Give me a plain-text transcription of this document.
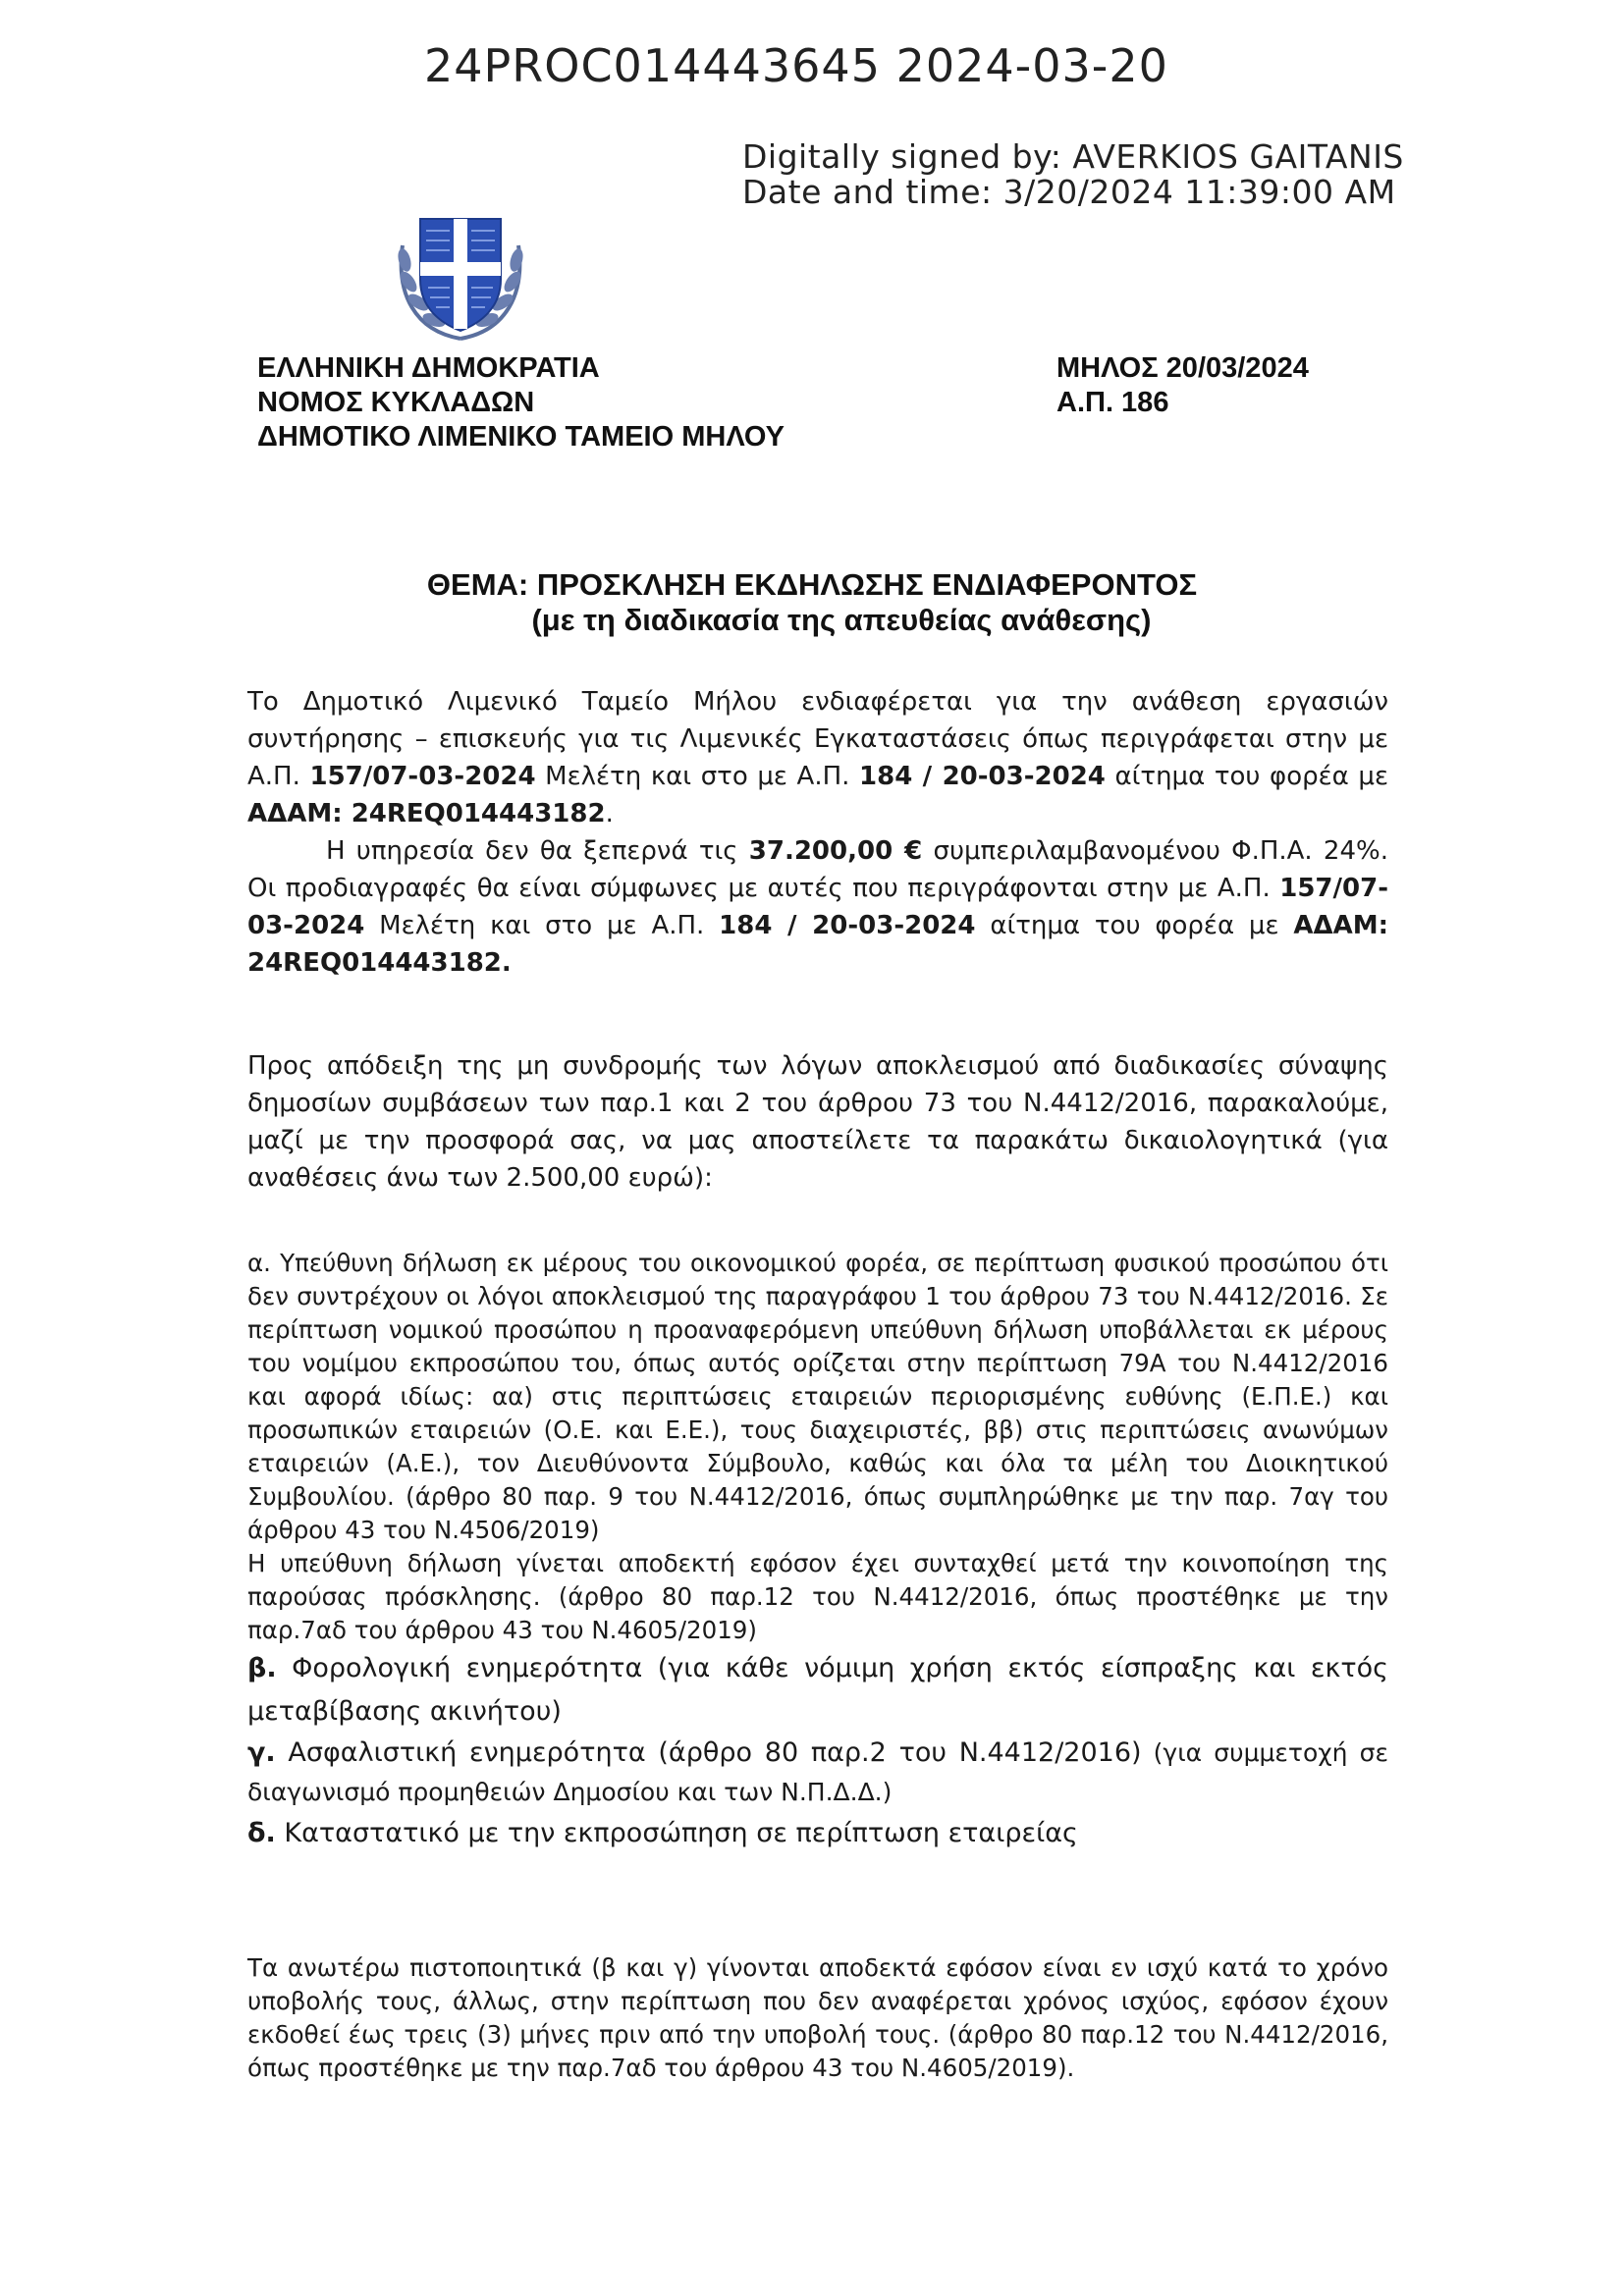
24PROC014443645 2024-03-20
Digitally signed by: AVERKIOS GAITANIS
Date and time: 3/20/2024 11:39:00 AM
ΕΛΛΗΝΙΚΗ ΔΗΜΟΚΡΑΤΙΑ
ΝΟΜΟΣ ΚΥΚΛΑΔΩΝ
ΔΗΜΟΤΙΚΟ ΛΙΜΕΝΙΚΟ ΤΑΜΕΙΟ ΜΗΛΟΥ
ΜΗΛΟΣ 20/03/2024
Α.Π. 186
ΘΕΜΑ: ΠΡΟΣΚΛΗΣΗ ΕΚΔΗΛΩΣΗΣ ΕΝΔΙΑΦΕΡΟΝΤΟΣ
(με τη διαδικασία της απευθείας ανάθεσης)

Το Δημοτικό Λιμενικό Ταμείο Μήλου ενδιαφέρεται για την ανάθεση εργασιών συντήρησης – επισκευής για τις Λιμενικές Εγκαταστάσεις όπως περιγράφεται στην με Α.Π. 157/07-03-2024 Μελέτη και στο με Α.Π. 184 / 20-03-2024 αίτημα του φορέα με ΑΔΑΜ: 24REQ014443182.

Η υπηρεσία δεν θα ξεπερνά τις 37.200,00 € συμπεριλαμβανομένου Φ.Π.Α. 24%. Οι προδιαγραφές θα είναι σύμφωνες με αυτές που περιγράφονται στην με Α.Π. 157/07-03-2024 Μελέτη και στο με Α.Π. 184 / 20-03-2024 αίτημα του φορέα με ΑΔΑΜ: 24REQ014443182.

Προς απόδειξη της μη συνδρομής των λόγων αποκλεισμού από διαδικασίες σύναψης δημοσίων συμβάσεων των παρ.1 και 2 του άρθρου 73 του Ν.4412/2016, παρακαλούμε, μαζί με την προσφορά σας, να μας αποστείλετε τα παρακάτω δικαιολογητικά (για αναθέσεις άνω των 2.500,00 ευρώ):

α. Υπεύθυνη δήλωση εκ μέρους του οικονομικού φορέα, σε περίπτωση φυσικού προσώπου ότι δεν συντρέχουν οι λόγοι αποκλεισμού της παραγράφου 1 του άρθρου 73 του Ν.4412/2016. Σε περίπτωση νομικού προσώπου η προαναφερόμενη υπεύθυνη δήλωση υποβάλλεται εκ μέρους του νομίμου εκπροσώπου του, όπως αυτός ορίζεται στην περίπτωση 79Α του Ν.4412/2016 και αφορά ιδίως: αα) στις περιπτώσεις εταιρειών περιορισμένης ευθύνης (Ε.Π.Ε.) και προσωπικών εταιρειών (Ο.Ε. και Ε.Ε.), τους διαχειριστές, ββ) στις περιπτώσεις ανωνύμων εταιρειών (Α.Ε.), τον Διευθύνοντα Σύμβουλο, καθώς και όλα τα μέλη του Διοικητικού Συμβουλίου. (άρθρο 80 παρ. 9 του Ν.4412/2016, όπως συμπληρώθηκε με την παρ. 7αγ του άρθρου 43 του Ν.4506/2019)

Η υπεύθυνη δήλωση γίνεται αποδεκτή εφόσον έχει συνταχθεί μετά την κοινοποίηση της παρούσας πρόσκλησης. (άρθρο 80 παρ.12 του Ν.4412/2016, όπως προστέθηκε με την παρ.7αδ του άρθρου 43 του Ν.4605/2019)

β. Φορολογική ενημερότητα (για κάθε νόμιμη χρήση εκτός είσπραξης και εκτός μεταβίβασης ακινήτου)

γ. Ασφαλιστική ενημερότητα (άρθρο 80 παρ.2 του Ν.4412/2016) (για συμμετοχή σε διαγωνισμό προμηθειών Δημοσίου και των Ν.Π.Δ.Δ.)

δ. Καταστατικό με την εκπροσώπηση σε περίπτωση εταιρείας

Τα ανωτέρω πιστοποιητικά (β και γ) γίνονται αποδεκτά εφόσον είναι εν ισχύ κατά το χρόνο υποβολής τους, άλλως, στην περίπτωση που δεν αναφέρεται χρόνος ισχύος, εφόσον έχουν εκδοθεί έως τρεις (3) μήνες πριν από την υποβολή τους. (άρθρο 80 παρ.12 του Ν.4412/2016, όπως προστέθηκε με την παρ.7αδ του άρθρου 43 του Ν.4605/2019).
